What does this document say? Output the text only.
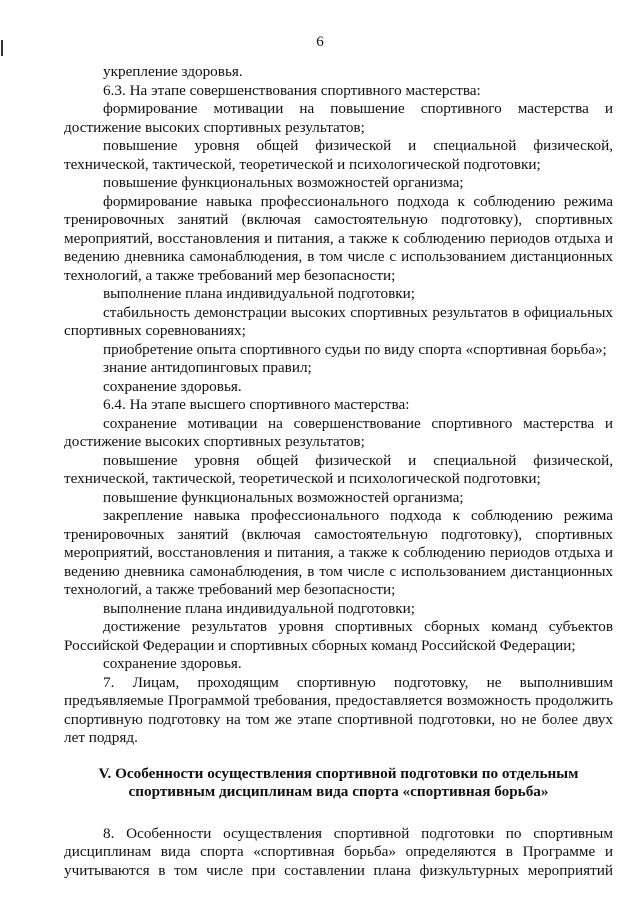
6

укрепление здоровья.

6.3. На этапе совершенствования спортивного мастерства:

формирование мотивации на повышение спортивного мастерства и достижение высоких спортивных результатов;

повышение уровня общей физической и специальной физической, технической, тактической, теоретической и психологической подготовки;

повышение функциональных возможностей организма;

формирование навыка профессионального подхода к соблюдению режима тренировочных занятий (включая самостоятельную подготовку), спортивных мероприятий, восстановления и питания, а также к соблюдению периодов отдыха и ведению дневника самонаблюдения, в том числе с использованием дистанционных технологий, а также требований мер безопасности;

выполнение плана индивидуальной подготовки;

стабильность демонстрации высоких спортивных результатов в официальных спортивных соревнованиях;

приобретение опыта спортивного судьи по виду спорта «спортивная борьба»;

знание антидопинговых правил;

сохранение здоровья.

6.4. На этапе высшего спортивного мастерства:

сохранение мотивации на совершенствование спортивного мастерства и достижение высоких спортивных результатов;

повышение уровня общей физической и специальной физической, технической, тактической, теоретической и психологической подготовки;

повышение функциональных возможностей организма;

закрепление навыка профессионального подхода к соблюдению режима тренировочных занятий (включая самостоятельную подготовку), спортивных мероприятий, восстановления и питания, а также к соблюдению периодов отдыха и ведению дневника самонаблюдения, в том числе с использованием дистанционных технологий, а также требований мер безопасности;

выполнение плана индивидуальной подготовки;

достижение результатов уровня спортивных сборных команд субъектов Российской Федерации и спортивных сборных команд Российской Федерации;

сохранение здоровья.

7. Лицам, проходящим спортивную подготовку, не выполнившим предъявляемые Программой требования, предоставляется возможность продолжить спортивную подготовку на том же этапе спортивной подготовки, но не более двух лет подряд.

V. Особенности осуществления спортивной подготовки по отдельным
спортивным дисциплинам вида спорта «спортивная борьба»

8. Особенности осуществления спортивной подготовки по спортивным дисциплинам вида спорта «спортивная борьба» определяются в Программе и учитываются в том числе при составлении плана физкультурных мероприятий
